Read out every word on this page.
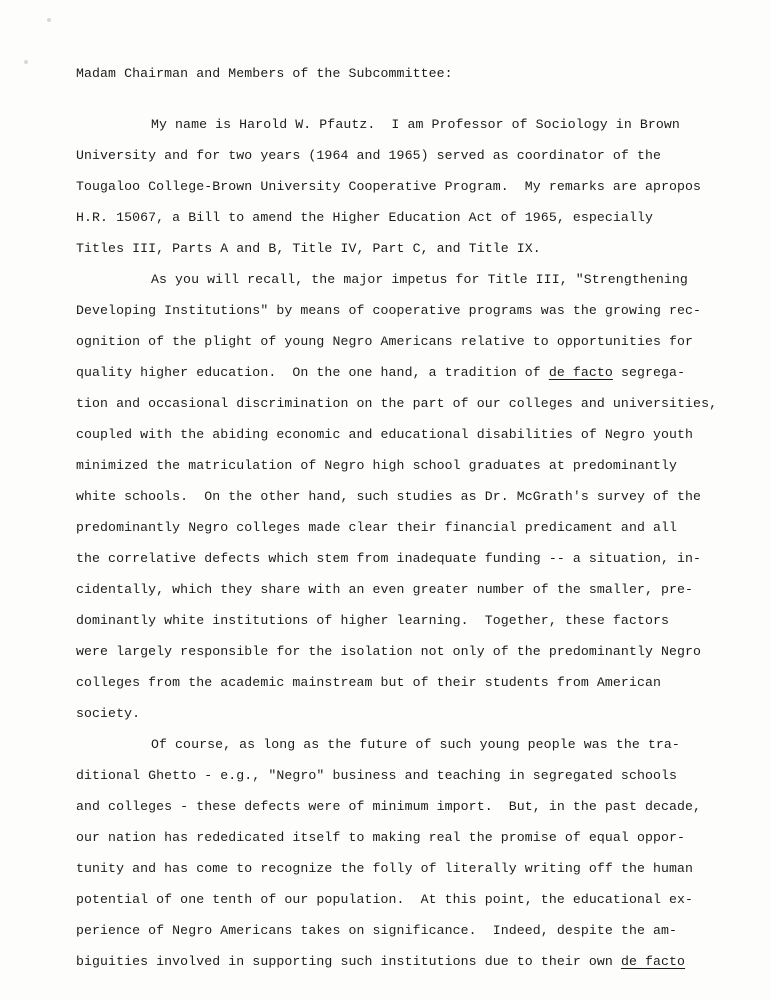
Madam Chairman and Members of the Subcommittee:
My name is Harold W. Pfautz.  I am Professor of Sociology in Brown
University and for two years (1964 and 1965) served as coordinator of the
Tougaloo College-Brown University Cooperative Program.  My remarks are apropos
H.R. 15067, a Bill to amend the Higher Education Act of 1965, especially
Titles III, Parts A and B, Title IV, Part C, and Title IX.
As you will recall, the major impetus for Title III, "Strengthening
Developing Institutions" by means of cooperative programs was the growing rec-
ognition of the plight of young Negro Americans relative to opportunities for
quality higher education.  On the one hand, a tradition of de facto segrega-
tion and occasional discrimination on the part of our colleges and universities,
coupled with the abiding economic and educational disabilities of Negro youth
minimized the matriculation of Negro high school graduates at predominantly
white schools.  On the other hand, such studies as Dr. McGrath's survey of the
predominantly Negro colleges made clear their financial predicament and all
the correlative defects which stem from inadequate funding -- a situation, in-
cidentally, which they share with an even greater number of the smaller, pre-
dominantly white institutions of higher learning.  Together, these factors
were largely responsible for the isolation not only of the predominantly Negro
colleges from the academic mainstream but of their students from American
society.
Of course, as long as the future of such young people was the tra-
ditional Ghetto - e.g., "Negro" business and teaching in segregated schools
and colleges - these defects were of minimum import.  But, in the past decade,
our nation has rededicated itself to making real the promise of equal oppor-
tunity and has come to recognize the folly of literally writing off the human
potential of one tenth of our population.  At this point, the educational ex-
perience of Negro Americans takes on significance.  Indeed, despite the am-
biguities involved in supporting such institutions due to their own de facto
